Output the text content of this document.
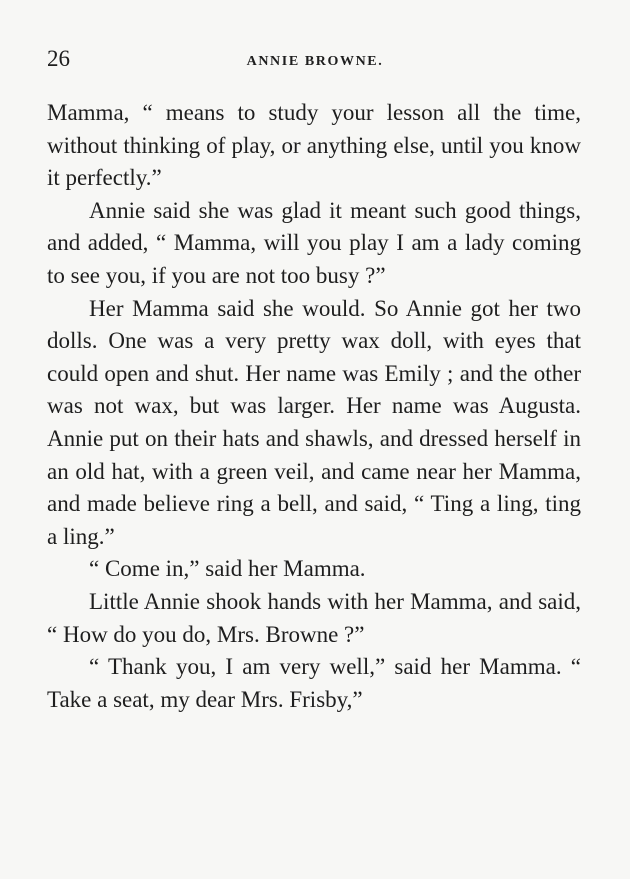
26	ANNIE BROWNE.

Mamma, “ means to study your lesson all the time, without thinking of play, or anything else, until you know it perfectly.”

Annie said she was glad it meant such good things, and added, “ Mamma, will you play I am a lady coming to see you, if you are not too busy ?”

Her Mamma said she would. So Annie got her two dolls. One was a very pretty wax doll, with eyes that could open and shut. Her name was Emily ; and the other was not wax, but was larger. Her name was Augusta. Annie put on their hats and shawls, and dressed herself in an old hat, with a green veil, and came near her Mamma, and made believe ring a bell, and said, “ Ting a ling, ting a ling.”

“ Come in,” said her Mamma.

Little Annie shook hands with her Mamma, and said, “ How do you do, Mrs. Browne ?”

“ Thank you, I am very well,” said her Mamma. “ Take a seat, my dear Mrs. Frisby,”
